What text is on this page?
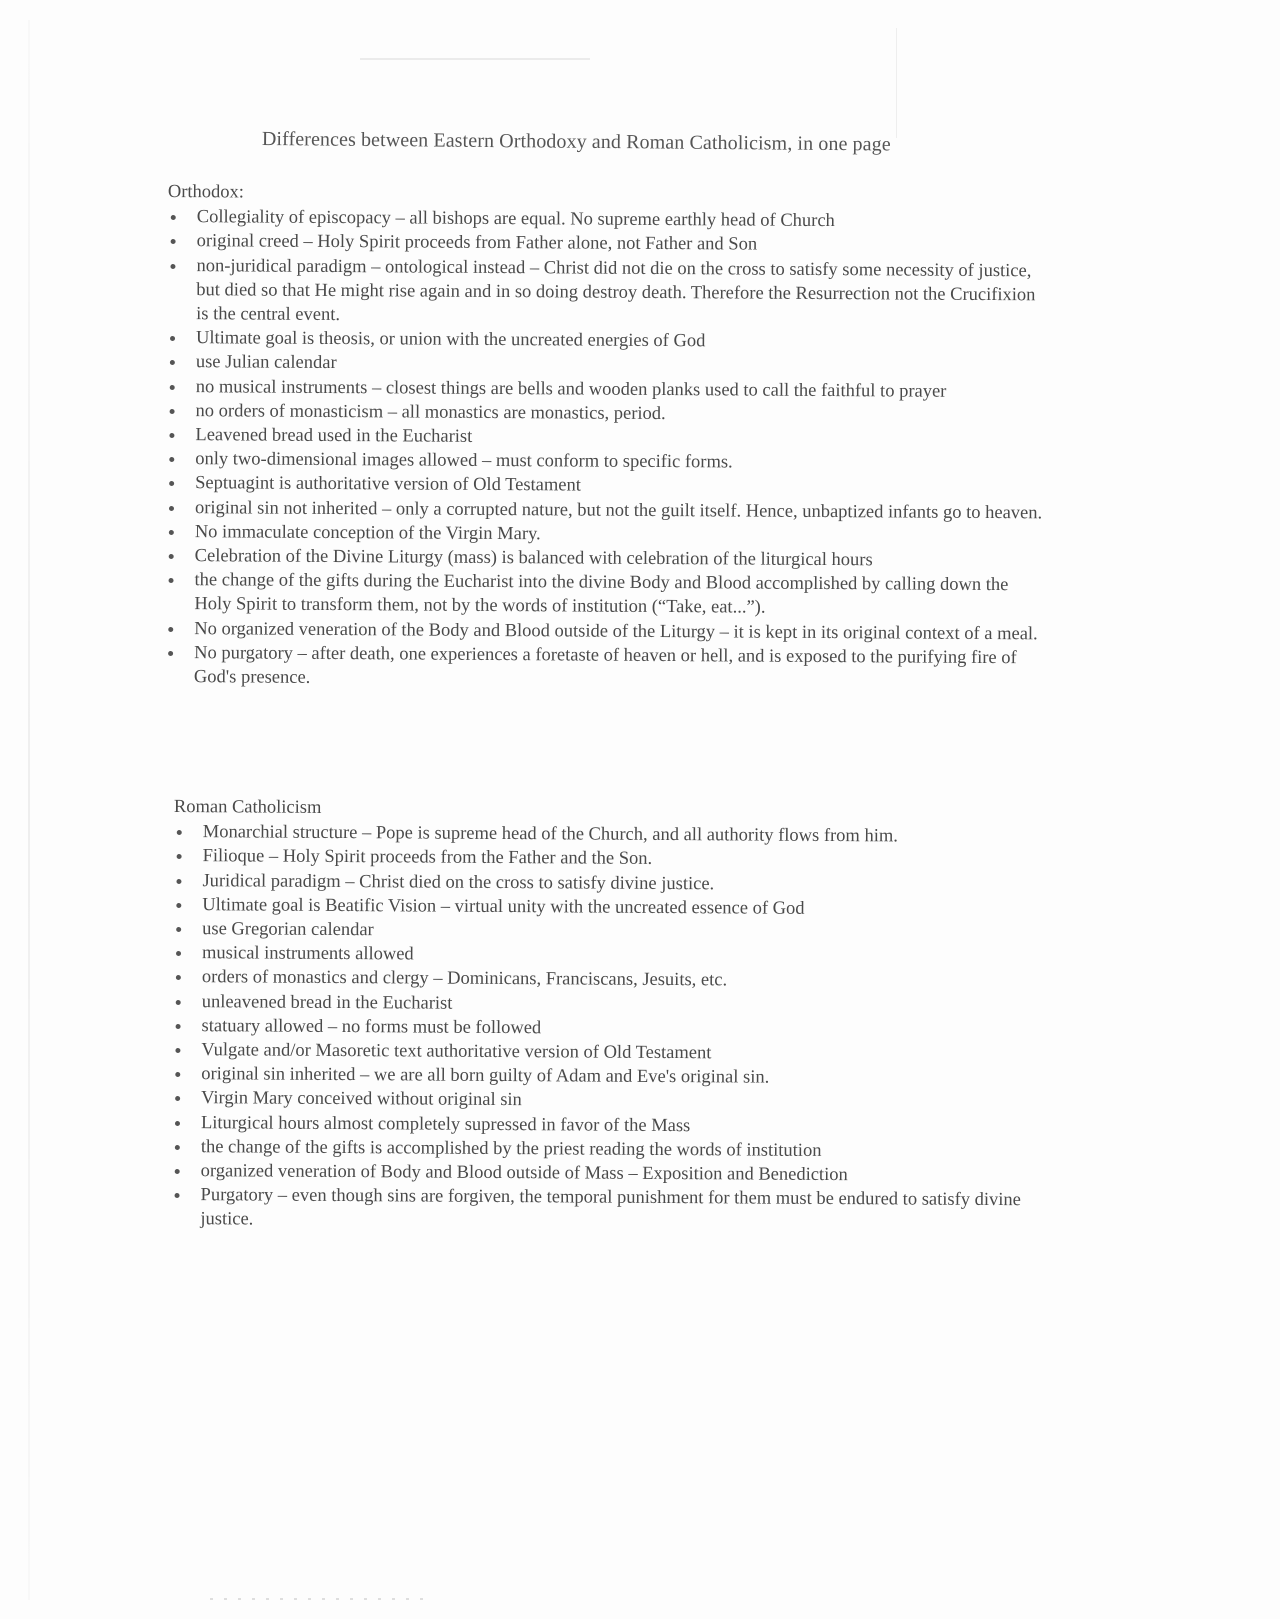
Differences between Eastern Orthodoxy and Roman Catholicism, in one page
Orthodox:
Collegiality of episcopacy – all bishops are equal. No supreme earthly head of Church
original creed – Holy Spirit proceeds from Father alone, not Father and Son
non-juridical paradigm – ontological instead – Christ did not die on the cross to satisfy some necessity of justice, but died so that He might rise again and in so doing destroy death. Therefore the Resurrection not the Crucifixion is the central event.
Ultimate goal is theosis, or union with the uncreated energies of God
use Julian calendar
no musical instruments – closest things are bells and wooden planks used to call the faithful to prayer
no orders of monasticism – all monastics are monastics, period.
Leavened bread used in the Eucharist
only two-dimensional images allowed – must conform to specific forms.
Septuagint is authoritative version of Old Testament
original sin not inherited – only a corrupted nature, but not the guilt itself. Hence, unbaptized infants go to heaven.
No immaculate conception of the Virgin Mary.
Celebration of the Divine Liturgy (mass) is balanced with celebration of the liturgical hours
the change of the gifts during the Eucharist into the divine Body and Blood accomplished by calling down the Holy Spirit to transform them, not by the words of institution (“Take, eat...”).
No organized veneration of the Body and Blood outside of the Liturgy – it is kept in its original context of a meal.
No purgatory – after death, one experiences a foretaste of heaven or hell, and is exposed to the purifying fire of God's presence.
Roman Catholicism
Monarchial structure – Pope is supreme head of the Church, and all authority flows from him.
Filioque – Holy Spirit proceeds from the Father and the Son.
Juridical paradigm – Christ died on the cross to satisfy divine justice.
Ultimate goal is Beatific Vision – virtual unity with the uncreated essence of God
use Gregorian calendar
musical instruments allowed
orders of monastics and clergy – Dominicans, Franciscans, Jesuits, etc.
unleavened bread in the Eucharist
statuary allowed – no forms must be followed
Vulgate and/or Masoretic text authoritative version of Old Testament
original sin inherited – we are all born guilty of Adam and Eve's original sin.
Virgin Mary conceived without original sin
Liturgical hours almost completely supressed in favor of the Mass
the change of the gifts is accomplished by the priest reading the words of institution
organized veneration of Body and Blood outside of Mass – Exposition and Benediction
Purgatory – even though sins are forgiven, the temporal punishment for them must be endured to satisfy divine justice.
